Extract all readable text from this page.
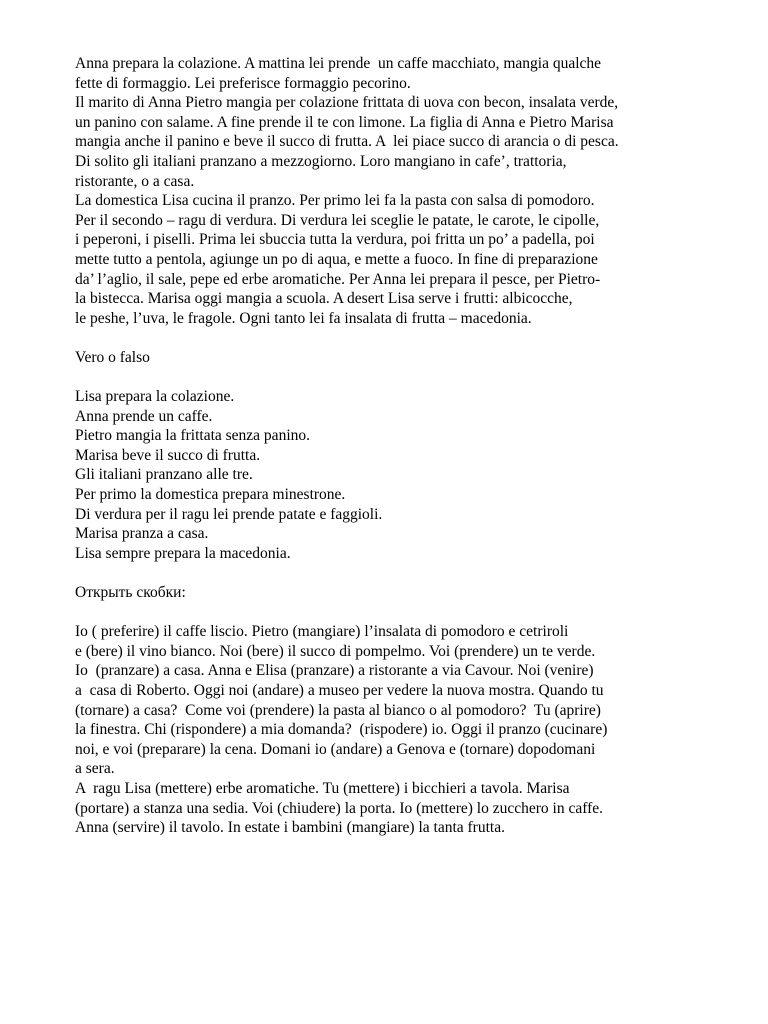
Anna prepara la colazione. A mattina lei prende  un caffe macchiato, mangia qualche
fette di formaggio. Lei preferisce formaggio pecorino.
Il marito di Anna Pietro mangia per colazione frittata di uova con becon, insalata verde,
un panino con salame. A fine prende il te con limone. La figlia di Anna e Pietro Marisa
mangia anche il panino e beve il succo di frutta. A  lei piace succo di arancia o di pesca.
Di solito gli italiani pranzano a mezzogiorno. Loro mangiano in cafe’, trattoria,
ristorante, o a casa.
La domestica Lisa cucina il pranzo. Per primo lei fa la pasta con salsa di pomodoro.
Per il secondo – ragu di verdura. Di verdura lei sceglie le patate, le carote, le cipolle,
i peperoni, i piselli. Prima lei sbuccia tutta la verdura, poi fritta un po’ a padella, poi
mette tutto a pentola, agiunge un po di aqua, e mette a fuoco. In fine di preparazione
da’ l’aglio, il sale, pepe ed erbe aromatiche. Per Anna lei prepara il pesce, per Pietro-
la bistecca. Marisa oggi mangia a scuola. A desert Lisa serve i frutti: albicocche,
le peshe, l’uva, le fragole. Ogni tanto lei fa insalata di frutta – macedonia.
Vero o falso
Lisa prepara la colazione.
Anna prende un caffe.
Pietro mangia la frittata senza panino.
Marisa beve il succo di frutta.
Gli italiani pranzano alle tre.
Per primo la domestica prepara minestrone.
Di verdura per il ragu lei prende patate e faggioli.
Marisa pranza a casa.
Lisa sempre prepara la macedonia.
Открыть скобки:
Io ( preferire) il caffe liscio. Pietro (mangiare) l’insalata di pomodoro e cetriroli
e (bere) il vino bianco. Noi (bere) il succo di pompelmo. Voi (prendere) un te verde.
Io  (pranzare) a casa. Anna e Elisa (pranzare) a ristorante a via Cavour. Noi (venire)
a  casa di Roberto. Oggi noi (andare) a museo per vedere la nuova mostra. Quando tu
(tornare) a casa?  Come voi (prendere) la pasta al bianco o al pomodoro?  Tu (aprire)
la finestra. Chi (rispondere) a mia domanda?  (rispodere) io. Oggi il pranzo (cucinare)
noi, e voi (preparare) la cena. Domani io (andare) a Genova e (tornare) dopodomani
a sera.
A  ragu Lisa (mettere) erbe aromatiche. Tu (mettere) i bicchieri a tavola. Marisa
(portare) a stanza una sedia. Voi (chiudere) la porta. Io (mettere) lo zucchero in caffe.
Anna (servire) il tavolo. In estate i bambini (mangiare) la tanta frutta.
